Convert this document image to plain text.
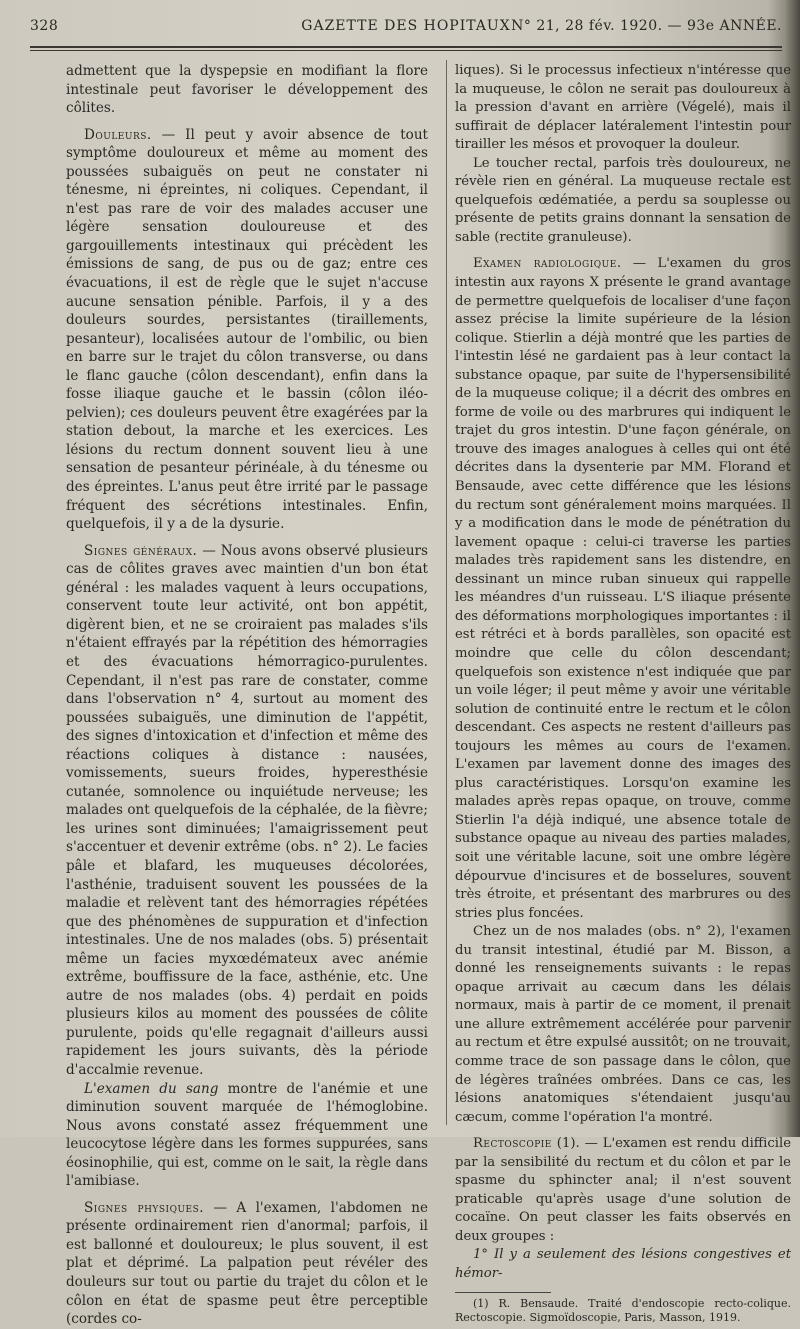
328	GAZETTE DES HOPITAUX N° 21, 28 fév. 1920. — 93e ANNÉE.

admettent que la dyspepsie en modifiant la flore intestinale peut favoriser le développement des côlites.

Douleurs. — Il peut y avoir absence de tout symptôme douloureux et même au moment des poussées subaiguës on peut ne constater ni ténesme, ni épreintes, ni coliques. Cependant, il n'est pas rare de voir des malades accuser une légère sensation douloureuse et des gargouillements intestinaux qui précèdent les émissions de sang, de pus ou de gaz; entre ces évacuations, il est de règle que le sujet n'accuse aucune sensation pénible. Parfois, il y a des douleurs sourdes, persistantes (tiraillements, pesanteur), localisées autour de l'ombilic, ou bien en barre sur le trajet du côlon transverse, ou dans le flanc gauche (côlon descendant), enfin dans la fosse iliaque gauche et le bassin (côlon iléo-pelvien); ces douleurs peuvent être exagérées par la station debout, la marche et les exercices. Les lésions du rectum donnent souvent lieu à une sensation de pesanteur périnéale, à du ténesme ou des épreintes. L'anus peut être irrité par le passage fréquent des sécrétions intestinales. Enfin, quelquefois, il y a de la dysurie.

Signes généraux. — Nous avons observé plusieurs cas de côlites graves avec maintien d'un bon état général : les malades vaquent à leurs occupations, conservent toute leur activité, ont bon appétit, digèrent bien, et ne se croiraient pas malades s'ils n'étaient effrayés par la répétition des hémorragies et des évacuations hémorragico-purulentes. Cependant, il n'est pas rare de constater, comme dans l'observation n° 4, surtout au moment des poussées subaiguës, une diminution de l'appétit, des signes d'intoxication et d'infection et même des réactions coliques à distance : nausées, vomissements, sueurs froides, hyperesthésie cutanée, somnolence ou inquiétude nerveuse; les malades ont quelquefois de la céphalée, de la fièvre; les urines sont diminuées; l'amaigrissement peut s'accentuer et devenir extrême (obs. n° 2). Le facies pâle et blafard, les muqueuses décolorées, l'asthénie, traduisent souvent les poussées de la maladie et relèvent tant des hémorragies répétées que des phénomènes de suppuration et d'infection intestinales. Une de nos malades (obs. 5) présentait même un facies myxœdémateux avec anémie extrême, bouffissure de la face, asthénie, etc. Une autre de nos malades (obs. 4) perdait en poids plusieurs kilos au moment des poussées de côlite purulente, poids qu'elle regagnait d'ailleurs aussi rapidement les jours suivants, dès la période d'accalmie revenue.

L'examen du sang montre de l'anémie et une diminution souvent marquée de l'hémoglobine. Nous avons constaté assez fréquemment une leucocytose légère dans les formes suppurées, sans éosinophilie, qui est, comme on le sait, la règle dans l'amibiase.

Signes physiques. — A l'examen, l'abdomen ne présente ordinairement rien d'anormal; parfois, il est ballonné et douloureux; le plus souvent, il est plat et déprimé. La palpation peut révéler des douleurs sur tout ou partie du trajet du côlon et le côlon en état de spasme peut être perceptible (cordes co-

liques). Si le processus infectieux n'intéresse que la muqueuse, le côlon ne serait pas douloureux à la pression d'avant en arrière (Végelé), mais il suffirait de déplacer latéralement l'intestin pour tirailler les mésos et provoquer la douleur.

Le toucher rectal, parfois très douloureux, ne révèle rien en général. La muqueuse rectale est quelquefois œdématiée, a perdu sa souplesse ou présente de petits grains donnant la sensation de sable (rectite granuleuse).

Examen radiologique. — L'examen du gros intestin aux rayons X présente le grand avantage de permettre quelquefois de localiser d'une façon assez précise la limite supérieure de la lésion colique. Stierlin a déjà montré que les parties de l'intestin lésé ne gardaient pas à leur contact la substance opaque, par suite de l'hypersensibilité de la muqueuse colique; il a décrit des ombres en forme de voile ou des marbrures qui indiquent le trajet du gros intestin. D'une façon générale, on trouve des images analogues à celles qui ont été décrites dans la dysenterie par MM. Florand et Bensaude, avec cette différence que les lésions du rectum sont généralement moins marquées. Il y a modification dans le mode de pénétration du lavement opaque : celui-ci traverse les parties malades très rapidement sans les distendre, en dessinant un mince ruban sinueux qui rappelle les méandres d'un ruisseau. L'S iliaque présente des déformations morphologiques importantes : il est rétréci et à bords parallèles, son opacité est moindre que celle du côlon descendant; quelquefois son existence n'est indiquée que par un voile léger; il peut même y avoir une véritable solution de continuité entre le rectum et le côlon descendant. Ces aspects ne restent d'ailleurs pas toujours les mêmes au cours de l'examen. L'examen par lavement donne des images des plus caractéristiques. Lorsqu'on examine les malades après repas opaque, on trouve, comme Stierlin l'a déjà indiqué, une absence totale de substance opaque au niveau des parties malades, soit une véritable lacune, soit une ombre légère dépourvue d'incisures et de bosselures, souvent très étroite, et présentant des marbrures ou des stries plus foncées.

Chez un de nos malades (obs. n° 2), l'examen du transit intestinal, étudié par M. Bisson, a donné les renseignements suivants : le repas opaque arrivait au cæcum dans les délais normaux, mais à partir de ce moment, il prenait une allure extrêmement accélérée pour parvenir au rectum et être expulsé aussitôt; on ne trouvait, comme trace de son passage dans le côlon, que de légères traînées ombrées. Dans ce cas, les lésions anatomiques s'étendaient jusqu'au cæcum, comme l'opération l'a montré.

Rectoscopie (1). — L'examen est rendu difficile par la sensibilité du rectum et du côlon et par le spasme du sphincter anal; il n'est souvent praticable qu'après usage d'une solution de cocaïne. On peut classer les faits observés en deux groupes :

1° Il y a seulement des lésions congestives et hémor-

(1) R. Bensaude. Traité d'endoscopie recto-colique. Rectoscopie. Sigmoïdoscopie, Paris, Masson, 1919.
